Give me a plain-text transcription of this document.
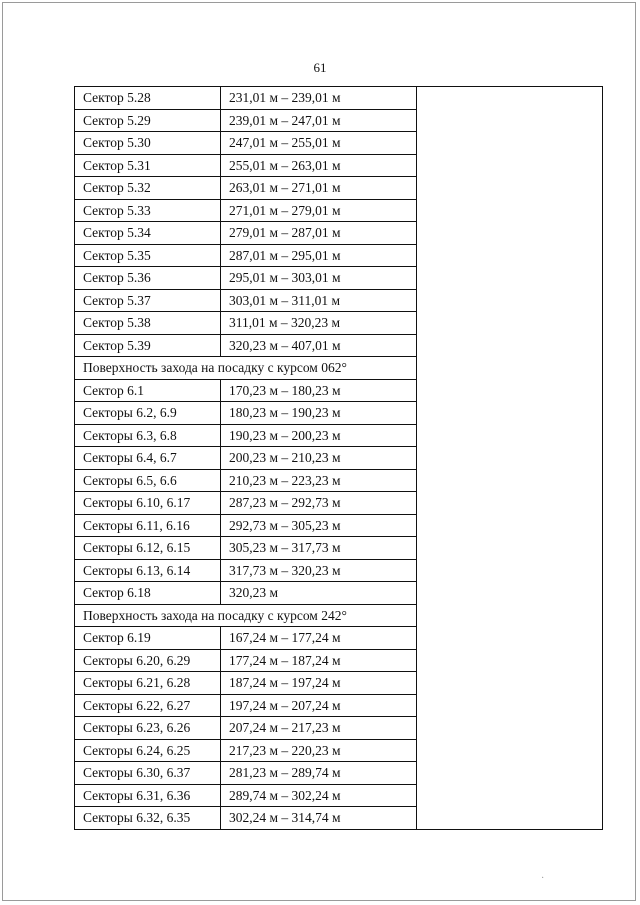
61
Сектор 5.28	231,01 м – 239,01 м	
Сектор 5.29	239,01 м – 247,01 м	
Сектор 5.30	247,01 м – 255,01 м	
Сектор 5.31	255,01 м – 263,01 м	
Сектор 5.32	263,01 м – 271,01 м	
Сектор 5.33	271,01 м – 279,01 м	
Сектор 5.34	279,01 м – 287,01 м	
Сектор 5.35	287,01 м – 295,01 м	
Сектор 5.36	295,01 м – 303,01 м	
Сектор 5.37	303,01 м – 311,01 м	
Сектор 5.38	311,01 м – 320,23 м	
Сектор 5.39	320,23 м – 407,01 м	
Поверхность захода на посадку с курсом 062°		
Сектор 6.1	170,23 м – 180,23 м	
Секторы 6.2, 6.9	180,23 м – 190,23 м	
Секторы 6.3, 6.8	190,23 м – 200,23 м	
Секторы 6.4, 6.7	200,23 м – 210,23 м	
Секторы 6.5, 6.6	210,23 м – 223,23 м	
Секторы 6.10, 6.17	287,23 м – 292,73 м	
Секторы 6.11, 6.16	292,73 м – 305,23 м	
Секторы 6.12, 6.15	305,23 м – 317,73 м	
Секторы 6.13, 6.14	317,73 м – 320,23 м	
Сектор 6.18	320,23 м	
Поверхность захода на посадку с курсом 242°		
Сектор 6.19	167,24 м – 177,24 м	
Секторы 6.20, 6.29	177,24 м – 187,24 м	
Секторы 6.21, 6.28	187,24 м – 197,24 м	
Секторы 6.22, 6.27	197,24 м – 207,24 м	
Секторы 6.23, 6.26	207,24 м – 217,23 м	
Секторы 6.24, 6.25	217,23 м – 220,23 м	
Секторы 6.30, 6.37	281,23 м – 289,74 м	
Секторы 6.31, 6.36	289,74 м – 302,24 м	
Секторы 6.32, 6.35	302,24 м – 314,74 м	
·
